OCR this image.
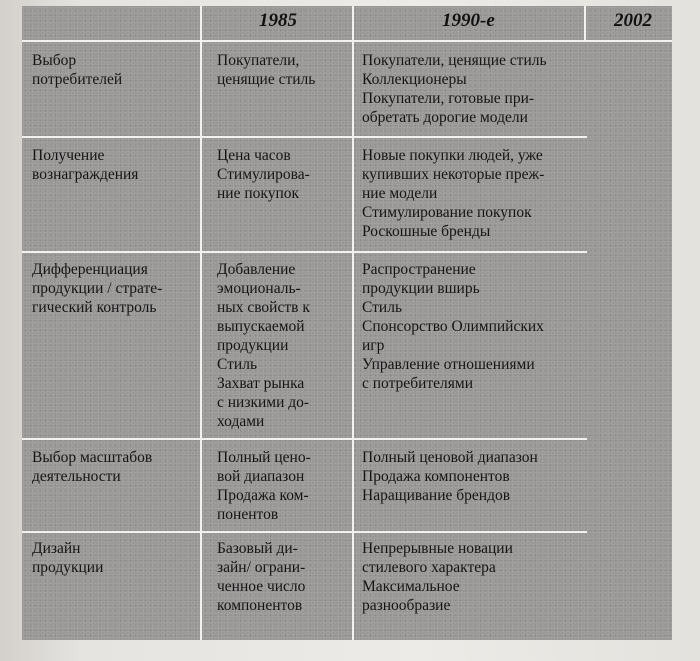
1985	1990-е	2002
Выбор
потребителей
Покупатели,
ценящие стиль
Покупатели, ценящие стиль
Коллекционеры
Покупатели, готовые при-
обретать дорогие модели
Получение
вознаграждения
Цена часов
Стимулирова-
ние покупок
Новые покупки людей, уже
купивших некоторые преж-
ние модели
Стимулирование покупок
Роскошные бренды
Дифференциация
продукции / страте-
гический контроль
Добавление
эмоциональ-
ных свойств к
выпускаемой
продукции
Стиль
Захват рынка
с низкими до-
ходами
Распространение
продукции вширь
Стиль
Спонсорство Олимпийских
игр
Управление отношениями
с потребителями
Выбор масштабов
деятельности
Полный цено-
вой диапазон
Продажа ком-
понентов
Полный ценовой диапазон
Продажа компонентов
Наращивание брендов
Дизайн
продукции
Базовый ди-
зайн/ ограни-
ченное число
компонентов
Непрерывные новации
стилевого характера
Максимальное
разнообразие
